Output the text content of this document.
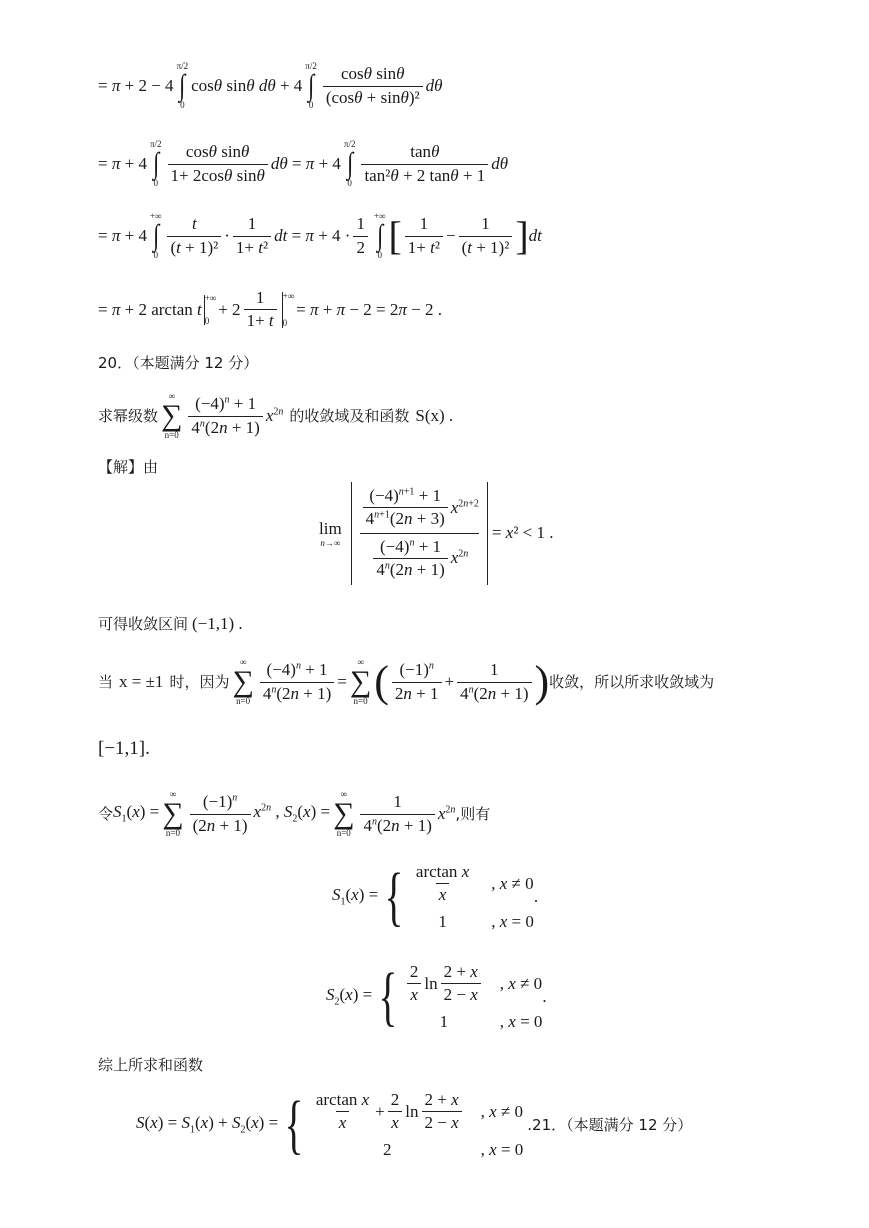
= π + 2 − 4
π/2
∫
0
cosθ sinθ dθ + 4
π/2
∫
$0 \frac{\text{cosθ sinθ}}{\text{(cosθ + sinθ)²}}$ dθ
= π + 4
π/2
∫
$0 \frac{\text{cosθ sinθ}}{\text{1+ 2cosθ sinθ}}$ dθ = π + 4
π/2
∫
$0 \frac{\tan\theta}{\text{tan²θ + 2 tanθ + 1}}$ dθ
= π + 4
+∞
∫
$0 \frac{t}{\text{(t + 1)²}} \cdot \frac{1}{\text{1+ t²}}$ dt = $\pi + 4 \cdot \frac{1}{2}$ +∞
∫
0 [ $\frac{1}{\text{1+ t²}} - \frac{1}{\text{(t + 1)²}}$ ] dt
= π + 2 arctan t
+∞
0
+ $2 \frac{1}{1+ t}$ +∞
0
= π + π − 2 = 2π − 2 .
20．（本题满分 12 分）
求幂级数
∞
∑
$n=0 \frac{(-4)^n + 1}{4^n(2n + 1)} x^{2n}$ 的收敛域及和函数 S(x) .
【解】由
lim
n→∞
$\frac{(-4)^{n+1} + 1}{4^{n+1}(2n + 3)} x^{2n+2}$
$\frac{(-4)^n + 1}{4^n(2n + 1)} x^{2n}$
= x² < 1 .
可得收敛区间 (−1,1) .
当 x = ±1 时，因为
∞
∑
$n=0 \frac{(-4)^n + 1}{4^n(2n + 1)}$ =
∞
∑
n=0 ( $\frac{(-1)^n}{2n + 1} + \frac{1}{4^n(2n + 1)}$ ) 收敛，所以所求收敛域为
[−1,1].
令 $S_1(x)$ =
∞
∑
$n=0 \frac{(-1)^n}{(2n + 1)} x^{2n}$ , $S_2(x)$ =
∞
∑
$n=0 \frac{1}{4^n(2n + 1)} x^{2n}$ ,则有
$S_1(x)$ = { $\frac{\text{arctan x}}{x}$ , x ≠ 0
1	, x = 0
.
$S_2(x)$ = { $\frac{2}{x}$ $\ln \frac{2 + x}{2 - x}$ , x ≠ 0
1	, x = 0
.
综上所求和函数
$S(x) = S_1(x) + S_2(x)$ = { $\frac{\text{arctan x}}{x} + \frac{2}{x}$ $\ln \frac{2 + x}{2 - x}$ , x ≠ 0
2	, x = 0
.21．（本题满分 12 分）
